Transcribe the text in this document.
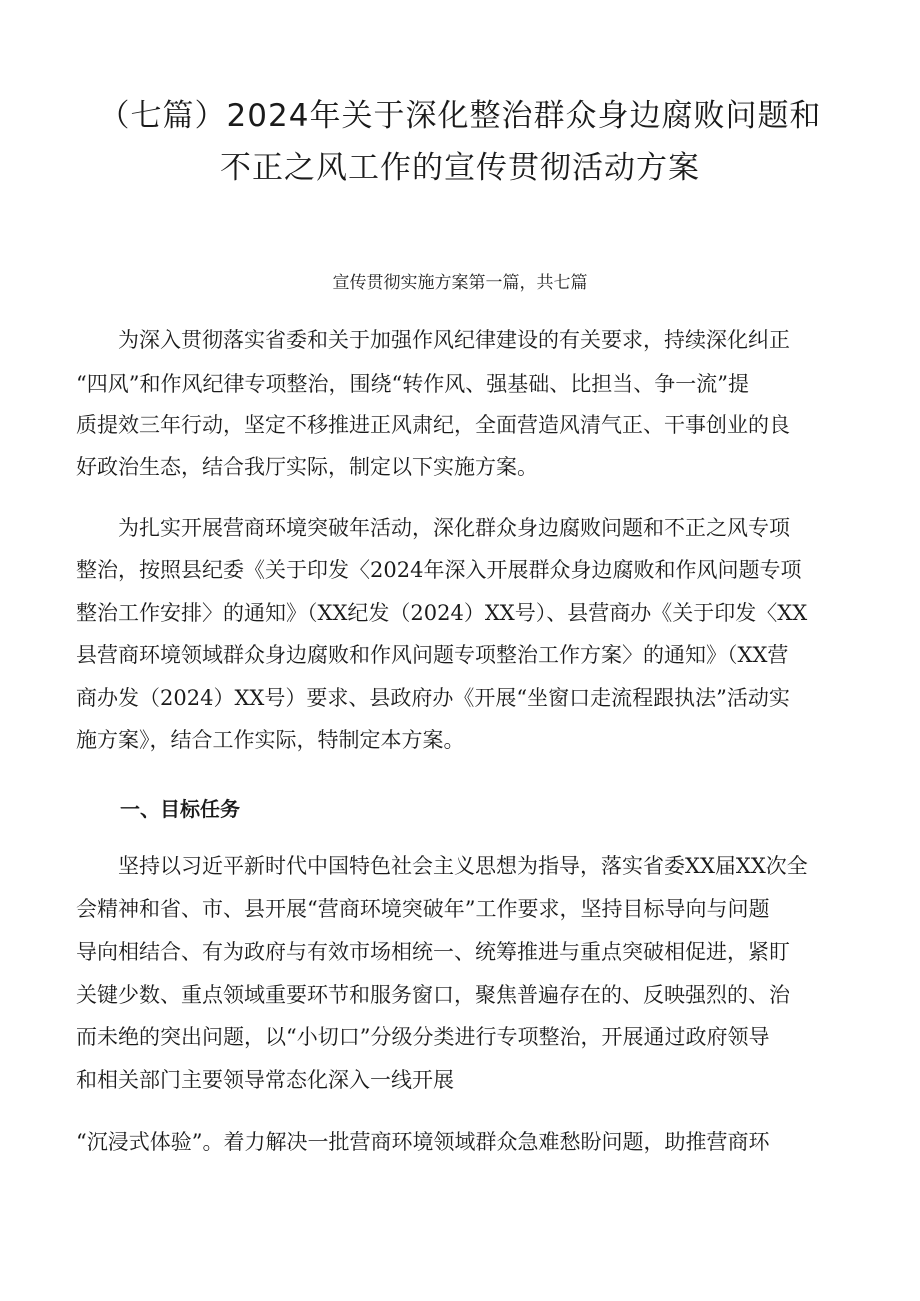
（七篇）2024年关于深化整治群众身边腐败问题和
不正之风工作的宣传贯彻活动方案
宣传贯彻实施方案第一篇，共七篇
　　为深入贯彻落实省委和关于加强作风纪律建设的有关要求，持续深化纠正
“四风”和作风纪律专项整治，围绕“转作风、强基础、比担当、争一流”提
质提效三年行动，坚定不移推进正风肃纪，全面营造风清气正、干事创业的良
好政治生态，结合我厅实际，制定以下实施方案。
　　为扎实开展营商环境突破年活动，深化群众身边腐败问题和不正之风专项
整治，按照县纪委《关于印发〈2024年深入开展群众身边腐败和作风问题专项
整治工作安排〉的通知》（XX纪发（2024）XX号）、县营商办《关于印发〈XX
县营商环境领域群众身边腐败和作风问题专项整治工作方案〉的通知》（XX营
商办发（2024）XX号）要求、县政府办《开展“坐窗口走流程跟执法”活动实
施方案》，结合工作实际，特制定本方案。
一、目标任务
　　坚持以习近平新时代中国特色社会主义思想为指导，落实省委XX届XX次全
会精神和省、市、县开展“营商环境突破年”工作要求，坚持目标导向与问题
导向相结合、有为政府与有效市场相统一、统筹推进与重点突破相促进，紧盯
关键少数、重点领域重要环节和服务窗口，聚焦普遍存在的、反映强烈的、治
而未绝的突出问题，以“小切口”分级分类进行专项整治，开展通过政府领导
和相关部门主要领导常态化深入一线开展
“沉浸式体验”。着力解决一批营商环境领域群众急难愁盼问题，助推营商环
